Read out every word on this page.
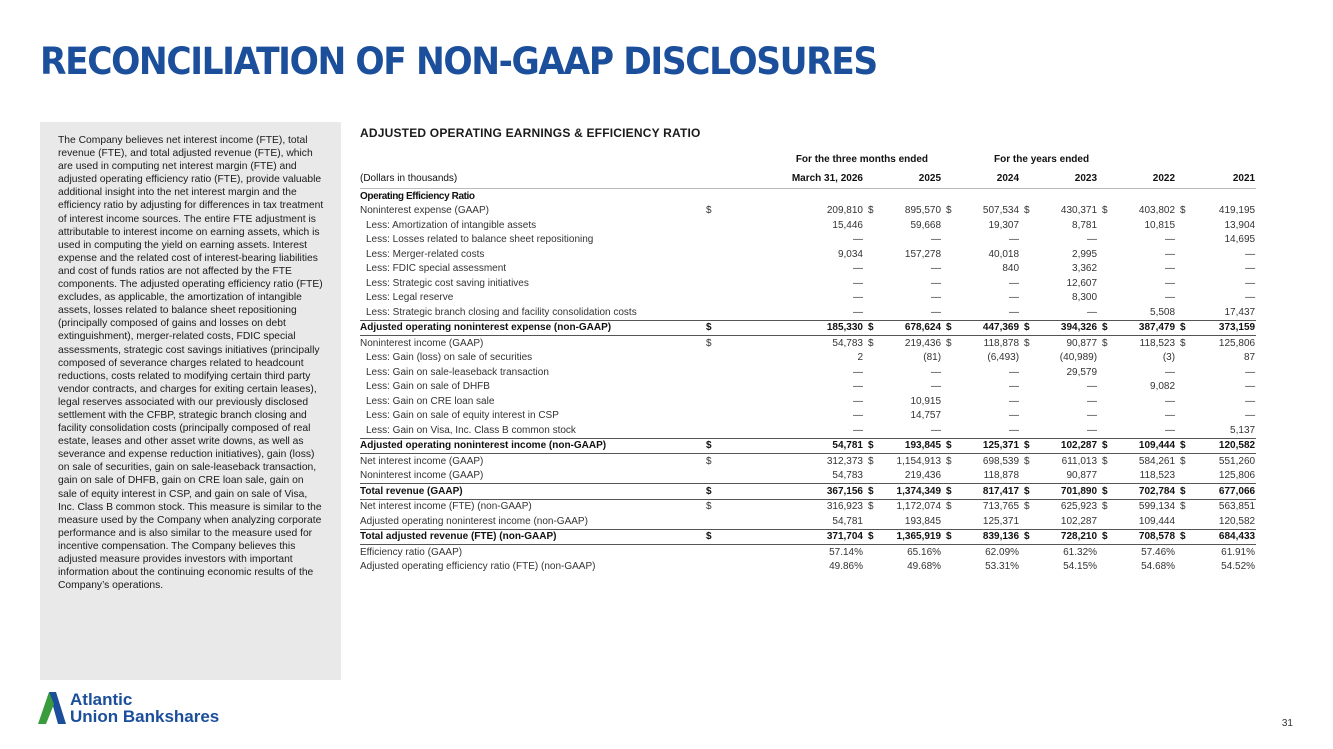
RECONCILIATION OF NON-GAAP DISCLOSURES
The Company believes net interest income (FTE), total revenue (FTE), and total adjusted revenue (FTE), which are used in computing net interest margin (FTE) and adjusted operating efficiency ratio (FTE), provide valuable additional insight into the net interest margin and the efficiency ratio by adjusting for differences in tax treatment of interest income sources. The entire FTE adjustment is attributable to interest income on earning assets, which is used in computing the yield on earning assets. Interest expense and the related cost of interest-bearing liabilities and cost of funds ratios are not affected by the FTE components. The adjusted operating efficiency ratio (FTE) excludes, as applicable, the amortization of intangible assets, losses related to balance sheet repositioning (principally composed of gains and losses on debt extinguishment), merger-related costs, FDIC special assessments, strategic cost savings initiatives (principally composed of severance charges related to headcount reductions, costs related to modifying certain third party vendor contracts, and charges for exiting certain leases), legal reserves associated with our previously disclosed settlement with the CFBP, strategic branch closing and facility consolidation costs (principally composed of real estate, leases and other asset write downs, as well as severance and expense reduction initiatives), gain (loss) on sale of securities, gain on sale-leaseback transaction, gain on sale of DHFB, gain on CRE loan sale, gain on sale of equity interest in CSP, and gain on sale of Visa, Inc. Class B common stock. This measure is similar to the measure used by the Company when analyzing corporate performance and is also similar to the measure used for incentive compensation. The Company believes this adjusted measure provides investors with important information about the continuing economic results of the Company’s operations.
ADJUSTED OPERATING EARNINGS & EFFICIENCY RATIO
	For the three months ended				For the years ended							
(Dollars in thousands)		March 31, 2026		2025		2024		2023		2022		2021
Operating Efficiency Ratio												
Noninterest expense (GAAP)	$	209,810	$	895,570	$	507,534	$	430,371	$	403,802	$	419,195
Less: Amortization of intangible assets		15,446		59,668		19,307		8,781		10,815		13,904
Less: Losses related to balance sheet repositioning		—		—		—		—		—		14,695
Less: Merger-related costs		9,034		157,278		40,018		2,995		—		—
Less: FDIC special assessment		—		—		840		3,362		—		—
Less: Strategic cost saving initiatives		—		—		—		12,607		—		—
Less: Legal reserve		—		—		—		8,300		—		—
Less: Strategic branch closing and facility consolidation costs		—		—		—		—		5,508		17,437
Adjusted operating noninterest expense (non-GAAP)	$	185,330	$	678,624	$	447,369	$	394,326	$	387,479	$	373,159
Noninterest income (GAAP)	$	54,783	$	219,436	$	118,878	$	90,877	$	118,523	$	125,806
Less: Gain (loss) on sale of securities		2		(81)		(6,493)		(40,989)		(3)		87
Less: Gain on sale-leaseback transaction		—		—		—		29,579		—		—
Less: Gain on sale of DHFB		—		—		—		—		9,082		—
Less: Gain on CRE loan sale		—		10,915		—		—		—		—
Less: Gain on sale of equity interest in CSP		—		14,757		—		—		—		—
Less: Gain on Visa, Inc. Class B common stock		—		—		—		—		—		5,137
Adjusted operating noninterest income (non-GAAP)	$	54,781	$	193,845	$	125,371	$	102,287	$	109,444	$	120,582
Net interest income (GAAP)	$	312,373	$	1,154,913	$	698,539	$	611,013	$	584,261	$	551,260
Noninterest income (GAAP)		54,783		219,436		118,878		90,877		118,523		125,806
Total revenue (GAAP)	$	367,156	$	1,374,349	$	817,417	$	701,890	$	702,784	$	677,066
Net interest income (FTE) (non-GAAP)	$	316,923	$	1,172,074	$	713,765	$	625,923	$	599,134	$	563,851
Adjusted operating noninterest income (non-GAAP)		54,781		193,845		125,371		102,287		109,444		120,582
Total adjusted revenue (FTE) (non-GAAP)	$	371,704	$	1,365,919	$	839,136	$	728,210	$	708,578	$	684,433
Efficiency ratio (GAAP)		57.14%		65.16%		62.09%		61.32%		57.46%		61.91%
Adjusted operating efficiency ratio (FTE) (non-GAAP)		49.86%		49.68%		53.31%		54.15%		54.68%		54.52%
Atlantic
Union Bankshares	31
